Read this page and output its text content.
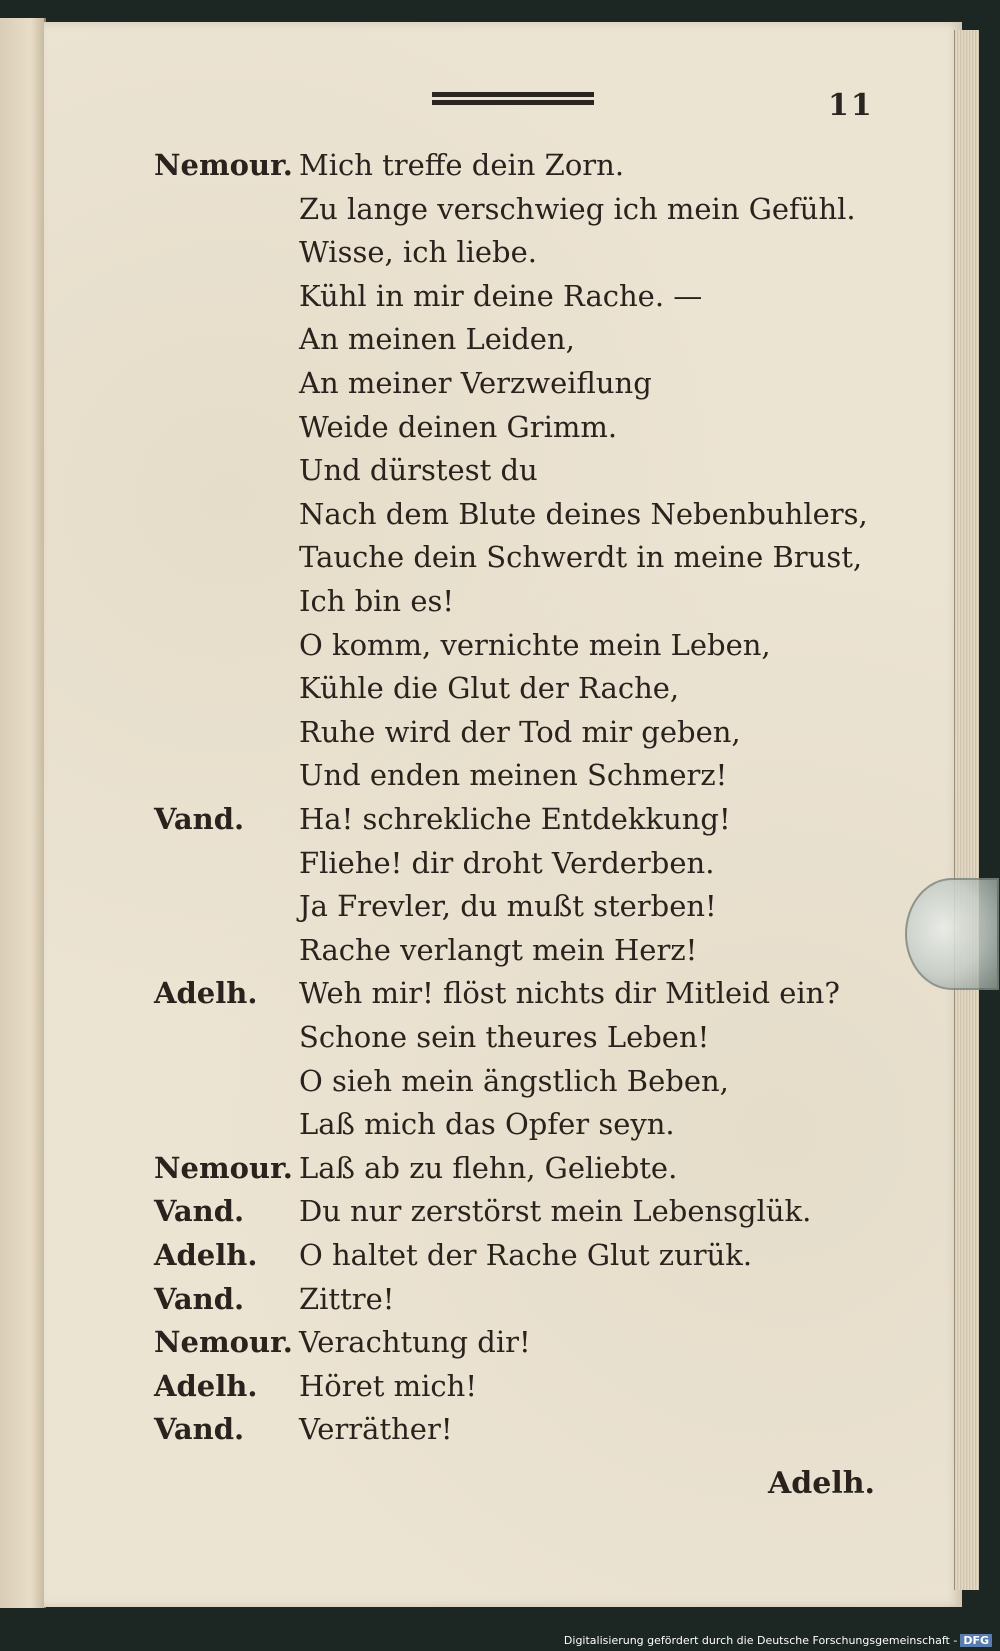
11
Nemour. Mich treffe dein Zorn.
Zu lange verschwieg ich mein Gefühl.
Wisse, ich liebe.
Kühl in mir deine Rache. —
An meinen Leiden,
An meiner Verzweiflung
Weide deinen Grimm.
Und dürstest du
Nach dem Blute deines Nebenbuhlers,
Tauche dein Schwerdt in meine Brust,
Ich bin es!
O komm, vernichte mein Leben,
Kühle die Glut der Rache,
Ruhe wird der Tod mir geben,
Und enden meinen Schmerz!
Vand. Ha! schrekliche Entdekkung!
Fliehe! dir droht Verderben.
Ja Frevler, du mußt sterben!
Rache verlangt mein Herz!
Adelh. Weh mir! flöst nichts dir Mitleid ein?
Schone sein theures Leben!
O sieh mein ängstlich Beben,
Laß mich das Opfer seyn.
Nemour. Laß ab zu flehn, Geliebte.
Vand. Du nur zerstörst mein Lebensglük.
Adelh. O haltet der Rache Glut zurük.
Vand. Zittre!
Nemour. Verachtung dir!
Adelh. Höret mich!
Vand. Verräther!
Adelh.
Digitalisierung gefördert durch die Deutsche Forschungsgemeinschaft - DFG
